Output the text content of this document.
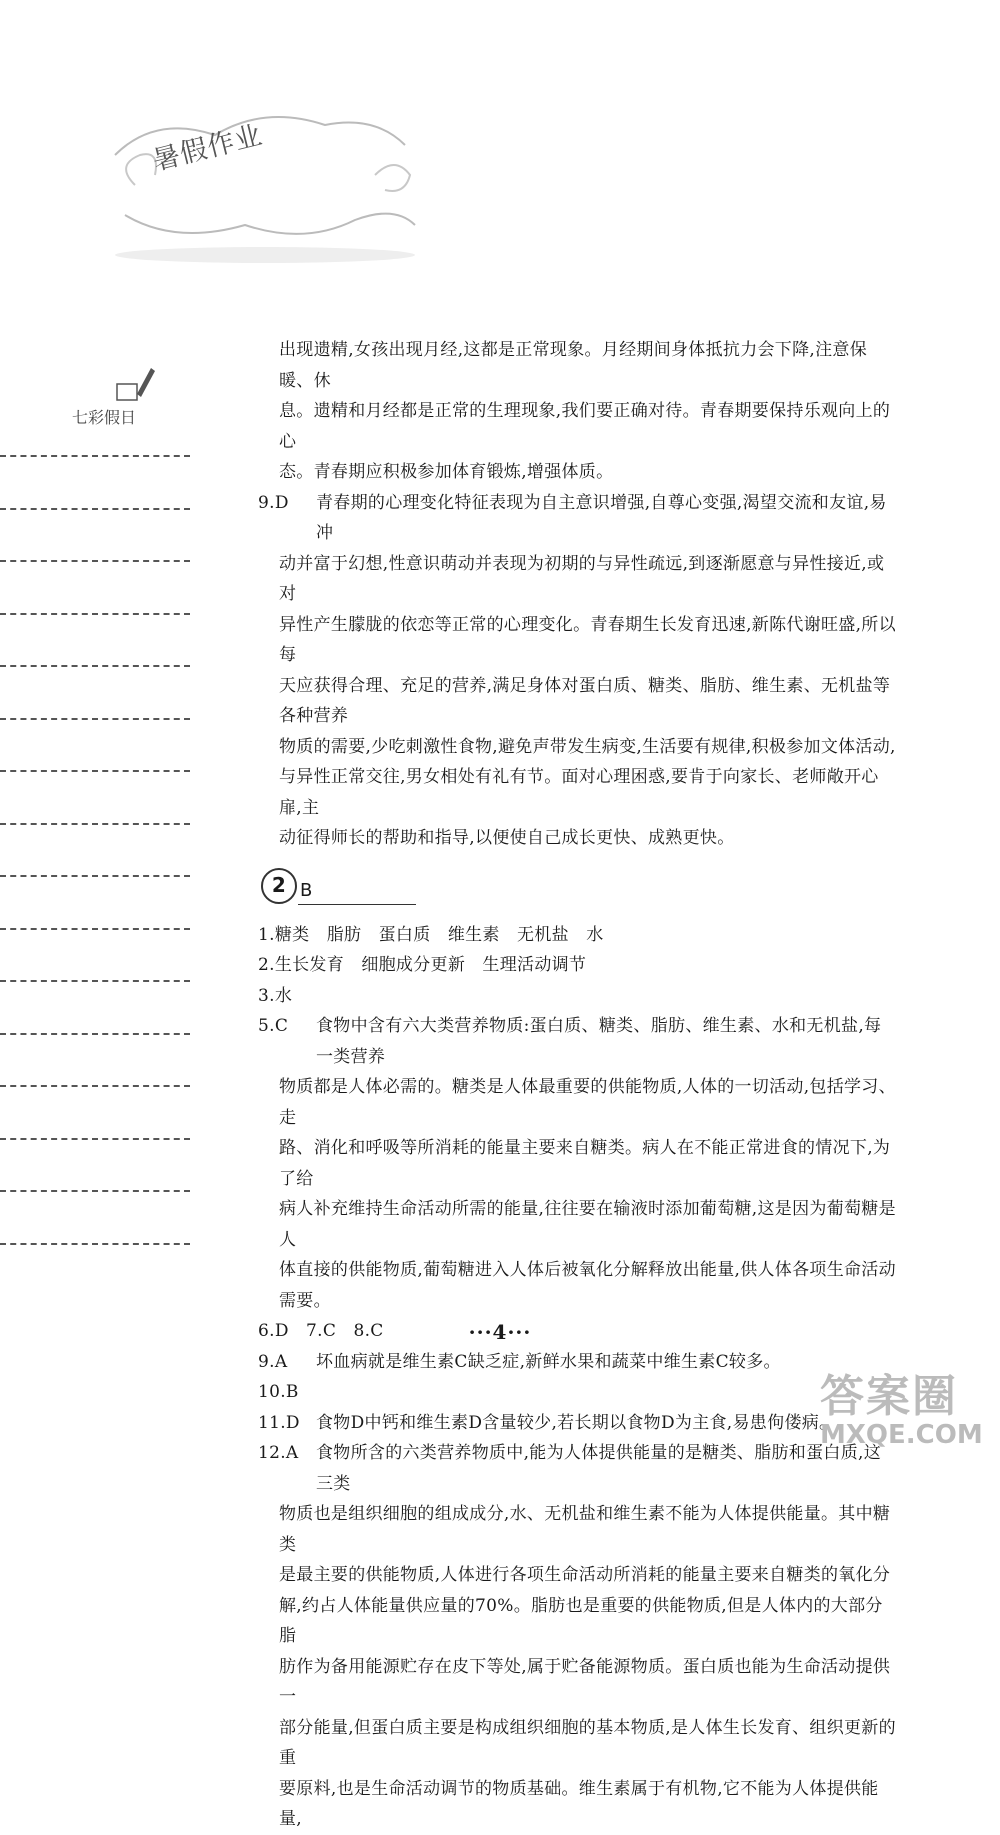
暑假作业
七彩假日

出现遗精,女孩出现月经,这都是正常现象。月经期间身体抵抗力会下降,注意保暖、休

息。遗精和月经都是正常的生理现象,我们要正确对待。青春期要保持乐观向上的心

态。青春期应积极参加体育锻炼,增强体质。

9.D	青春期的心理变化特征表现为自主意识增强,自尊心变强,渴望交流和友谊,易冲

动并富于幻想,性意识萌动并表现为初期的与异性疏远,到逐渐愿意与异性接近,或对

异性产生朦胧的依恋等正常的心理变化。青春期生长发育迅速,新陈代谢旺盛,所以每

天应获得合理、充足的营养,满足身体对蛋白质、糖类、脂肪、维生素、无机盐等各种营养

物质的需要,少吃刺激性食物,避免声带发生病变,生活要有规律,积极参加文体活动,

与异性正常交往,男女相处有礼有节。面对心理困惑,要肯于向家长、老师敞开心扉,主

动征得师长的帮助和指导,以便使自己成长更快、成熟更快。

2 B

1.糖类　脂肪　蛋白质　维生素　无机盐　水

2.生长发育　细胞成分更新　生理活动调节

3.水

5.C	食物中含有六大类营养物质:蛋白质、糖类、脂肪、维生素、水和无机盐,每一类营养

物质都是人体必需的。糖类是人体最重要的供能物质,人体的一切活动,包括学习、走

路、消化和呼吸等所消耗的能量主要来自糖类。病人在不能正常进食的情况下,为了给

病人补充维持生命活动所需的能量,往往要在输液时添加葡萄糖,这是因为葡萄糖是人

体直接的供能物质,葡萄糖进入人体后被氧化分解释放出能量,供人体各项生命活动

需要。

6.D　7.C　8.C

9.A	坏血病就是维生素C缺乏症,新鲜水果和蔬菜中维生素C较多。

10.B

11.D 食物D中钙和维生素D含量较少,若长期以食物D为主食,易患佝偻病。
12.A	食物所含的六类营养物质中,能为人体提供能量的是糖类、脂肪和蛋白质,这三类

物质也是组织细胞的组成成分,水、无机盐和维生素不能为人体提供能量。其中糖类

是最主要的供能物质,人体进行各项生命活动所消耗的能量主要来自糖类的氧化分

解,约占人体能量供应量的70%。脂肪也是重要的供能物质,但是人体内的大部分脂

肪作为备用能源贮存在皮下等处,属于贮备能源物质。蛋白质也能为生命活动提供一

部分能量,但蛋白质主要是构成组织细胞的基本物质,是人体生长发育、组织更新的重

要原料,也是生命活动调节的物质基础。维生素属于有机物,它不能为人体提供能量,

···4···
答案圈
MXQE.COM
